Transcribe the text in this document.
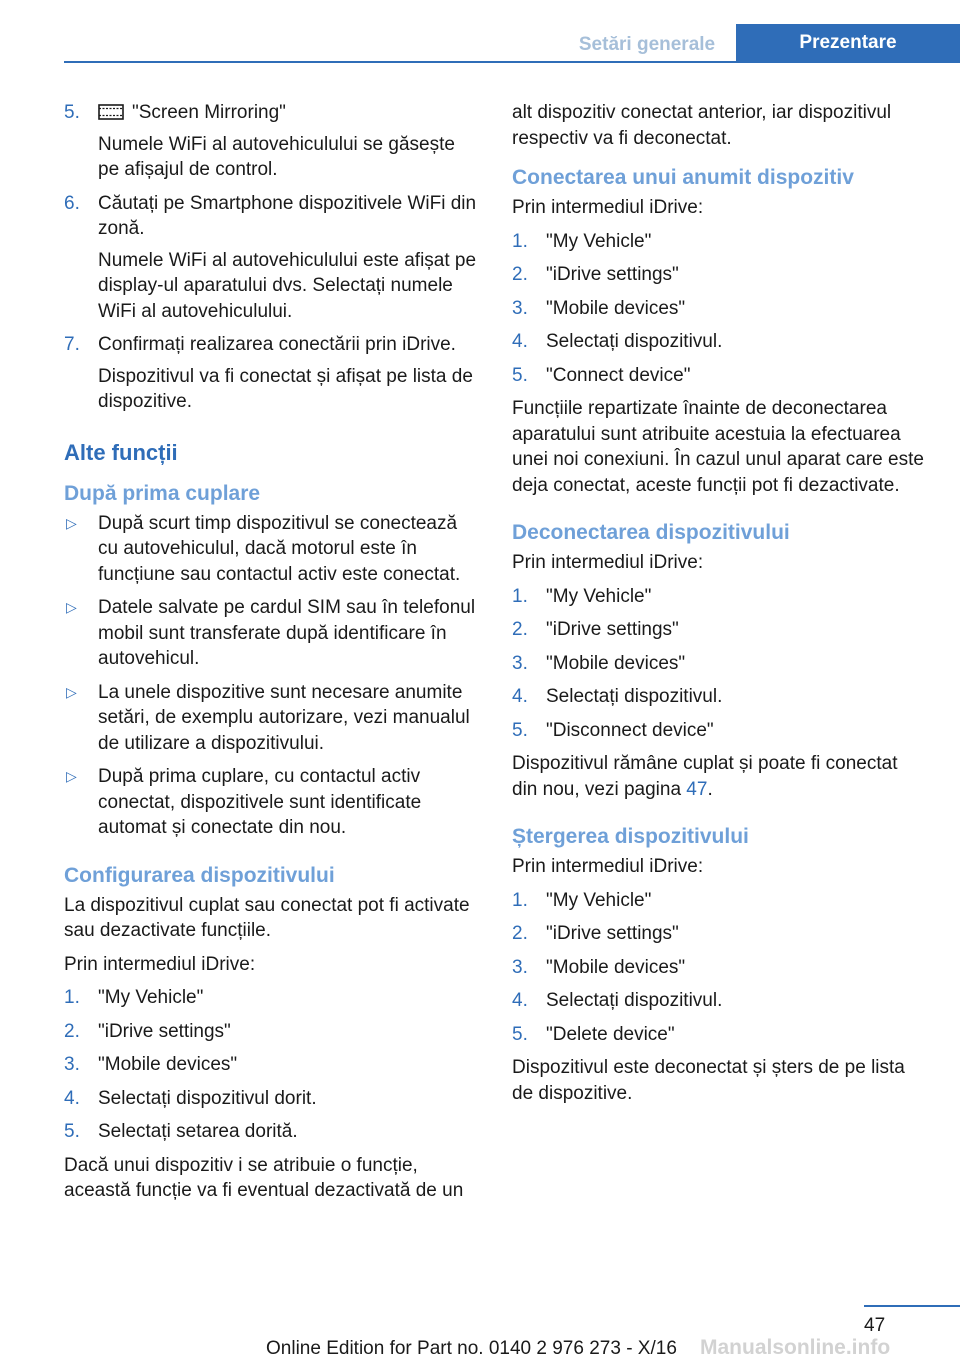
Setări generale	Prezentare
5.	"Screen Mirroring"
Numele WiFi al autovehiculului se găsește pe afișajul de control.
6. Căutați pe Smartphone dispozitivele WiFi din zonă.
Numele WiFi al autovehiculului este afișat pe display-ul aparatului dvs. Selectați numele WiFi al autovehiculului.
7. Confirmați realizarea conectării prin iDrive.
Dispozitivul va fi conectat și afișat pe lista de dispozitive.
Alte funcții
După prima cuplare
▷ După scurt timp dispozitivul se conectează cu autovehiculul, dacă motorul este în funcțiune sau contactul activ este conectat.
▷ Datele salvate pe cardul SIM sau în telefonul mobil sunt transferate după identificare în autovehicul.
▷ La unele dispozitive sunt necesare anumite setări, de exemplu autorizare, vezi manualul de utilizare a dispozitivului.
▷ După prima cuplare, cu contactul activ conectat, dispozitivele sunt identificate automat și conectate din nou.
Configurarea dispozitivului

La dispozitivul cuplat sau conectat pot fi activate sau dezactivate funcțiile.

Prin intermediul iDrive:

1. "My Vehicle"
2. "iDrive settings"
3. "Mobile devices"
4. Selectați dispozitivul dorit.
5. Selectați setarea dorită.

Dacă unui dispozitiv i se atribuie o funcție, această funcție va fi eventual dezactivată de un

alt dispozitiv conectat anterior, iar dispozitivul respectiv va fi deconectat.

Conectarea unui anumit dispozitiv

Prin intermediul iDrive:

1. "My Vehicle"
2. "iDrive settings"
3. "Mobile devices"
4. Selectați dispozitivul.
5. "Connect device"

Funcțiile repartizate înainte de deconectarea aparatului sunt atribuite acestuia la efectuarea unei noi conexiuni. În cazul unul aparat care este deja conectat, aceste funcții pot fi dezactivate.

Deconectarea dispozitivului

Prin intermediul iDrive:

1. "My Vehicle"
2. "iDrive settings"
3. "Mobile devices"
4. Selectați dispozitivul.
5. "Disconnect device"

Dispozitivul rămâne cuplat și poate fi conectat din nou, vezi pagina 47.

Ștergerea dispozitivului

Prin intermediul iDrive:

1. "My Vehicle"
2. "iDrive settings"
3. "Mobile devices"
4. Selectați dispozitivul.
5. "Delete device"

Dispozitivul este deconectat și șters de pe lista de dispozitive.

47
Online Edition for Part no. 0140 2 976 273 - X/16	Manualsonline.info
